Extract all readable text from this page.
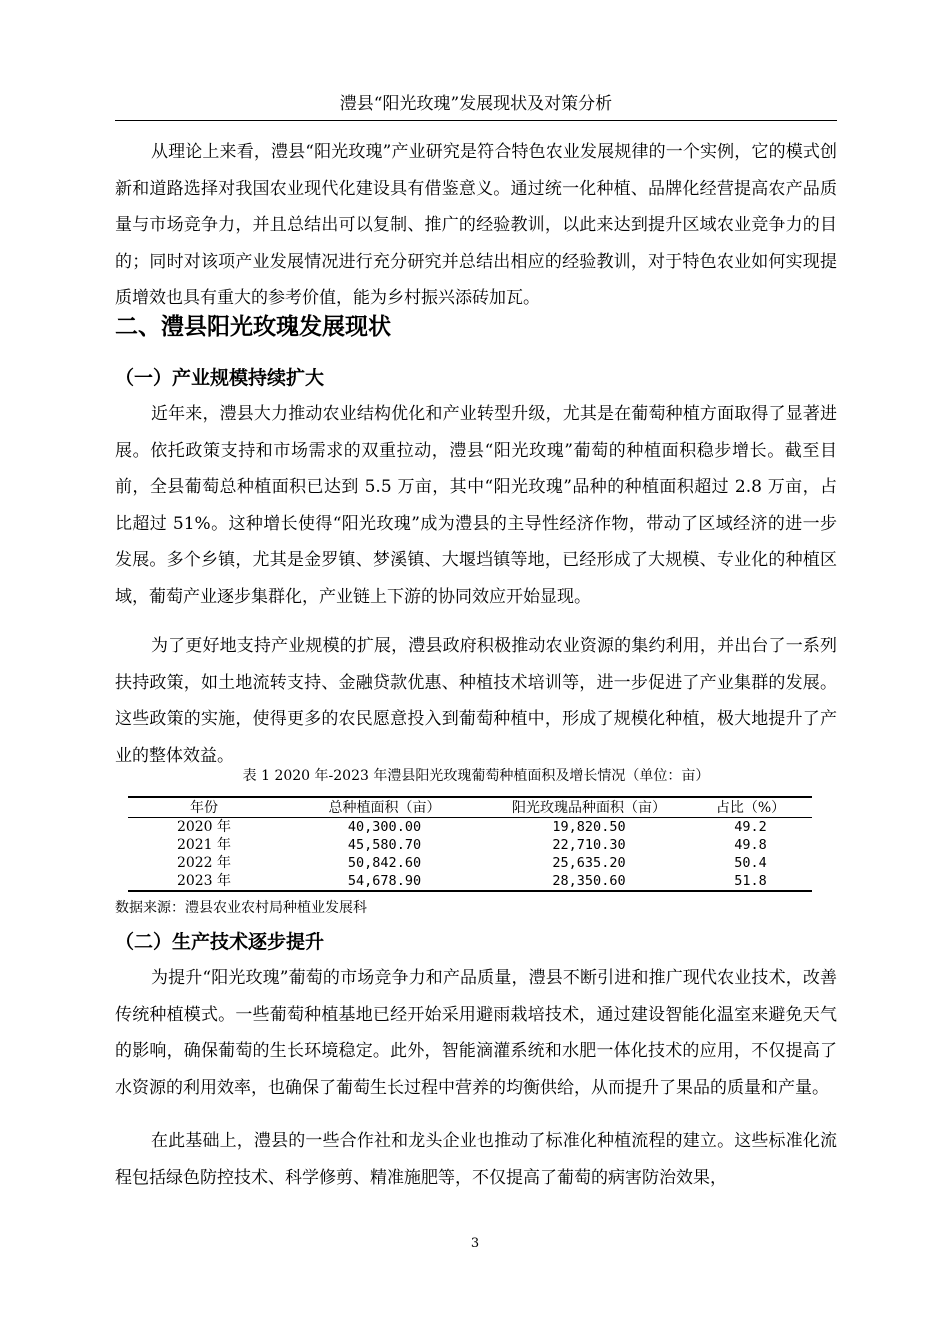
澧县“阳光玫瑰”发展现状及对策分析

从理论上来看，澧县“阳光玫瑰”产业研究是符合特色农业发展规律的一个实例，它的模式创新和道路选择对我国农业现代化建设具有借鉴意义。通过统一化种植、品牌化经营提高农产品质量与市场竞争力，并且总结出可以复制、推广的经验教训，以此来达到提升区域农业竞争力的目的；同时对该项产业发展情况进行充分研究并总结出相应的经验教训，对于特色农业如何实现提质增效也具有重大的参考价值，能为乡村振兴添砖加瓦。

二、澧县阳光玫瑰发展现状
（一）产业规模持续扩大

近年来，澧县大力推动农业结构优化和产业转型升级，尤其是在葡萄种植方面取得了显著进展。依托政策支持和市场需求的双重拉动，澧县“阳光玫瑰”葡萄的种植面积稳步增长。截至目前，全县葡萄总种植面积已达到 5.5 万亩，其中“阳光玫瑰”品种的种植面积超过 2.8 万亩，占比超过 51%。这种增长使得“阳光玫瑰”成为澧县的主导性经济作物，带动了区域经济的进一步发展。多个乡镇，尤其是金罗镇、梦溪镇、大堰垱镇等地，已经形成了大规模、专业化的种植区域，葡萄产业逐步集群化，产业链上下游的协同效应开始显现。

为了更好地支持产业规模的扩展，澧县政府积极推动农业资源的集约利用，并出台了一系列扶持政策，如土地流转支持、金融贷款优惠、种植技术培训等，进一步促进了产业集群的发展。这些政策的实施，使得更多的农民愿意投入到葡萄种植中，形成了规模化种植，极大地提升了产业的整体效益。

表 1 2020 年-2023 年澧县阳光玫瑰葡萄种植面积及增长情况（单位：亩）
年份	总种植面积（亩）	阳光玫瑰品种面积（亩）	占比（%）
2020 年	40,300.00	19,820.50	49.2
2021 年	45,580.70	22,710.30	49.8
2022 年	50,842.60	25,635.20	50.4
2023 年	54,678.90	28,350.60	51.8
数据来源：澧县农业农村局种植业发展科
（二）生产技术逐步提升

为提升“阳光玫瑰”葡萄的市场竞争力和产品质量，澧县不断引进和推广现代农业技术，改善传统种植模式。一些葡萄种植基地已经开始采用避雨栽培技术，通过建设智能化温室来避免天气的影响，确保葡萄的生长环境稳定。此外，智能滴灌系统和水肥一体化技术的应用，不仅提高了水资源的利用效率，也确保了葡萄生长过程中营养的均衡供给，从而提升了果品的质量和产量。

在此基础上，澧县的一些合作社和龙头企业也推动了标准化种植流程的建立。这些标准化流程包括绿色防控技术、科学修剪、精准施肥等，不仅提高了葡萄的病害防治效果，

3
